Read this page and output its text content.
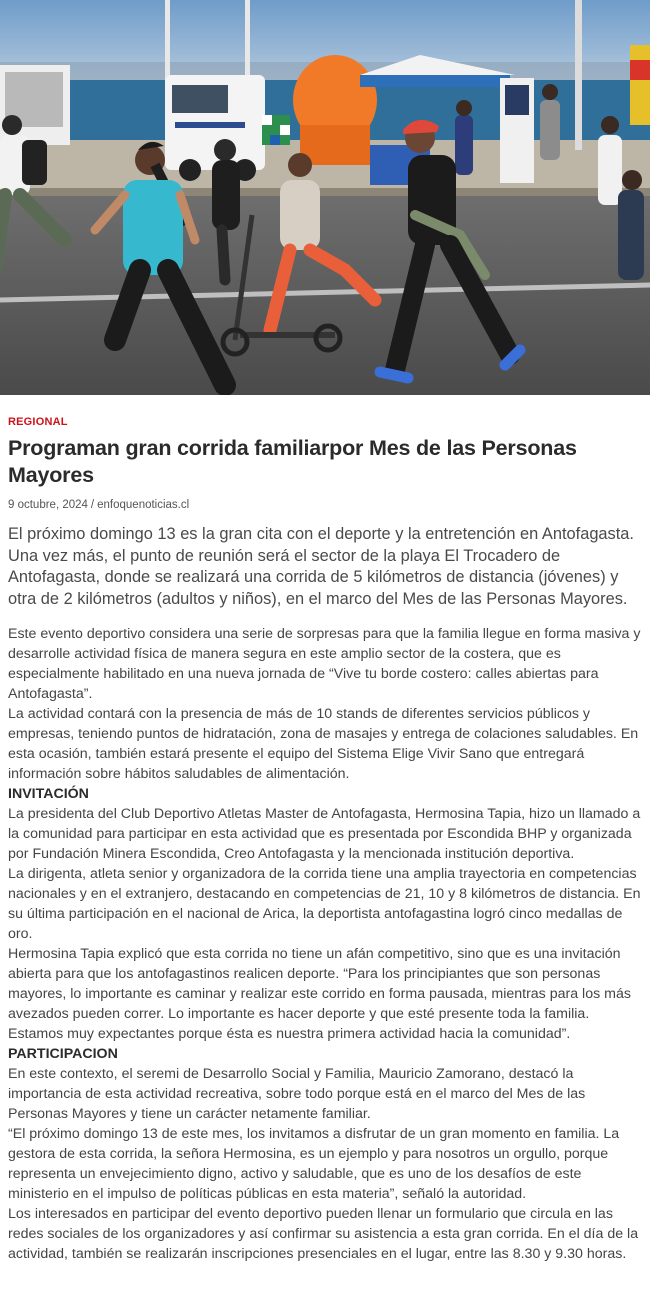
REGIONAL
Programan gran corrida familiarpor Mes de las Personas Mayores
9 octubre, 2024 / enfoquenoticias.cl

El próximo domingo 13 es la gran cita con el deporte y la entretención en Antofagasta. Una vez más, el punto de reunión será el sector de la playa El Trocadero de Antofagasta, donde se realizará una corrida de 5 kilómetros de distancia (jóvenes) y otra de 2 kilómetros (adultos y niños), en el marco del Mes de las Personas Mayores.

Este evento deportivo considera una serie de sorpresas para que la familia llegue en forma masiva y desarrolle actividad física de manera segura en este amplio sector de la costera, que es especialmente habilitado en una nueva jornada de “Vive tu borde costero: calles abiertas para Antofagasta”.

La actividad contará con la presencia de más de 10 stands de diferentes servicios públicos y empresas, teniendo puntos de hidratación, zona de masajes y entrega de colaciones saludables. En esta ocasión, también estará presente el equipo del Sistema Elige Vivir Sano que entregará información sobre hábitos saludables de alimentación.

INVITACIÓN

La presidenta del Club Deportivo Atletas Master de Antofagasta, Hermosina Tapia, hizo un llamado a la comunidad para participar en esta actividad que es presentada por Escondida BHP y organizada por Fundación Minera Escondida, Creo Antofagasta y la mencionada institución deportiva.

La dirigenta, atleta senior y organizadora de la corrida tiene una amplia trayectoria en competencias nacionales y en el extranjero, destacando en competencias de 21, 10 y 8 kilómetros de distancia. En su última participación en el nacional de Arica, la deportista antofagastina logró cinco medallas de oro.

Hermosina Tapia explicó que esta corrida no tiene un afán competitivo, sino que es una invitación abierta para que los antofagastinos realicen deporte. “Para los principiantes que son personas mayores, lo importante es caminar y realizar este corrido en forma pausada, mientras para los más avezados pueden correr. Lo importante es hacer deporte y que esté presente toda la familia. Estamos muy expectantes porque ésta es nuestra primera actividad hacia la comunidad”.

PARTICIPACION

En este contexto, el seremi de Desarrollo Social y Familia, Mauricio Zamorano, destacó la importancia de esta actividad recreativa, sobre todo porque está en el marco del Mes de las Personas Mayores y tiene un carácter netamente familiar.

“El próximo domingo 13 de este mes, los invitamos a disfrutar de un gran momento en familia. La gestora de esta corrida, la señora Hermosina, es un ejemplo y para nosotros un orgullo, porque representa un envejecimiento digno, activo y saludable, que es uno de los desafíos de este ministerio en el impulso de políticas públicas en esta materia”, señaló la autoridad.

Los interesados en participar del evento deportivo pueden llenar un formulario que circula en las redes sociales de los organizadores y así confirmar su asistencia a esta gran corrida. En el día de la actividad, también se realizarán inscripciones presenciales en el lugar, entre las 8.30 y 9.30 horas.
